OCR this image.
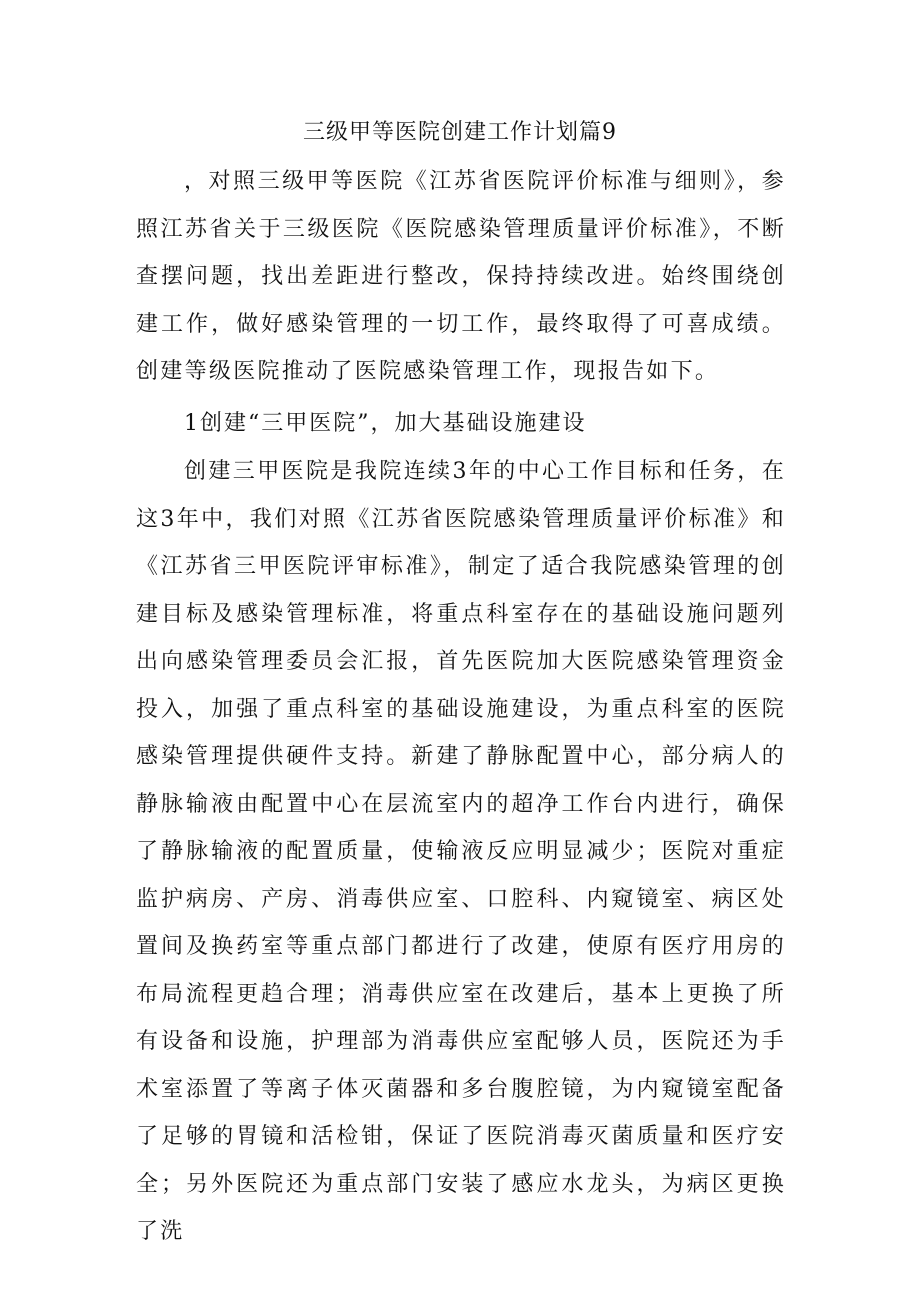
三级甲等医院创建工作计划篇9

，对照三级甲等医院《江苏省医院评价标准与细则》，参照江苏省关于三级医院《医院感染管理质量评价标准》，不断查摆问题，找出差距进行整改，保持持续改进。始终围绕创建工作，做好感染管理的一切工作，最终取得了可喜成绩。创建等级医院推动了医院感染管理工作，现报告如下。

1创建“三甲医院”，加大基础设施建设

创建三甲医院是我院连续3年的中心工作目标和任务，在这3年中，我们对照《江苏省医院感染管理质量评价标准》和《江苏省三甲医院评审标准》，制定了适合我院感染管理的创建目标及感染管理标准，将重点科室存在的基础设施问题列出向感染管理委员会汇报，首先医院加大医院感染管理资金投入，加强了重点科室的基础设施建设，为重点科室的医院感染管理提供硬件支持。新建了静脉配置中心，部分病人的静脉输液由配置中心在层流室内的超净工作台内进行，确保了静脉输液的配置质量，使输液反应明显减少；医院对重症监护病房、产房、消毒供应室、口腔科、内窥镜室、病区处置间及换药室等重点部门都进行了改建，使原有医疗用房的布局流程更趋合理；消毒供应室在改建后，基本上更换了所有设备和设施，护理部为消毒供应室配够人员，医院还为手术室添置了等离子体灭菌器和多台腹腔镜，为内窥镜室配备了足够的胃镜和活检钳，保证了医院消毒灭菌质量和医疗安全；另外医院还为重点部门安装了感应水龙头，为病区更换了洗
